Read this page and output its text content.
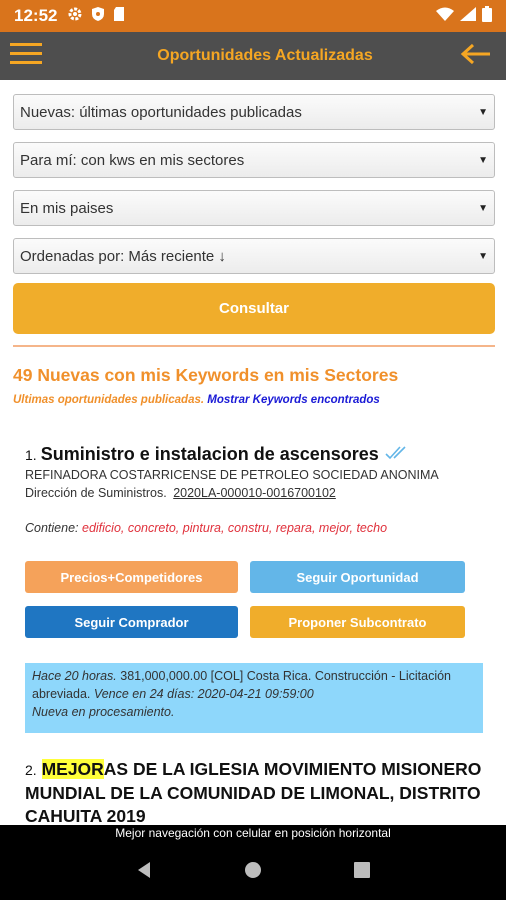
12:52
Oportunidades Actualizadas
Nuevas: últimas oportunidades publicadas	▼
Para mí: con kws en mis sectores	▼
En mis paises	▼
Ordenadas por: Más reciente ↓	▼
Consultar
49 Nuevas con mis Keywords en mis Sectores
Ultimas oportunidades publicadas. Mostrar Keywords encontrados
1. Suministro e instalacion de ascensores
REFINADORA COSTARRICENSE DE PETROLEO SOCIEDAD ANONIMA
Dirección de Suministros. 2020LA-000010-0016700102
Contiene: edificio, concreto, pintura, constru, repara, mejor, techo
Precios+Competidores	Seguir Oportunidad
Seguir Comprador	Proponer Subcontrato
Hace 20 horas. 381,000,000.00 [COL] Costa Rica. Construcción - Licitación abreviada. Vence en 24 días: 2020-04-21 09:59:00
Nueva en procesamiento.
2. MEJORAS DE LA IGLESIA MOVIMIENTO MISIONERO MUNDIAL DE LA COMUNIDAD DE LIMONAL, DISTRITO CAHUITA 2019
Mejor navegación con celular en posición horizontal
